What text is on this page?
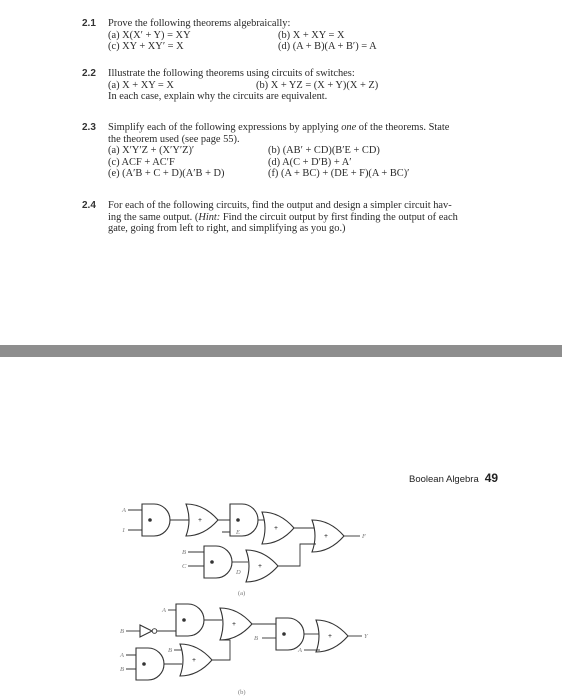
2.1 Prove the following theorems algebraically:
(a) X(X′ + Y) = XY	(b) X + XY = X
(c) XY + XY′ = X	(d) (A + B)(A + B′) = A
2.2 Illustrate the following theorems using circuits of switches:
(a) X + XY = X	(b) X + YZ = (X + Y)(X + Z)
In each case, explain why the circuits are equivalent.
2.3 Simplify each of the following expressions by applying one of the theorems. State
the theorem used (see page 55).
(a) X′Y′Z + (X′Y′Z)′	(b) (AB′ + CD)(B′E + CD)
(c) ACF + AC′F	(d) A(C + D′B) + A′
(e) (A′B + C + D)(A′B + D)	(f) (A + BC) + (DE + F)(A + BC)′
2.4 For each of the following circuits, find the output and design a simpler circuit hav-
ing the same output. (Hint: Find the circuit output by first finding the output of each
gate, going from left to right, and simplifying as you go.)
Boolean Algebra 49
A
1
+
E
+
+	F
B
C	+
D
(a)
B
A
+
B	+	Y
A
A
B
B
+
(b)
